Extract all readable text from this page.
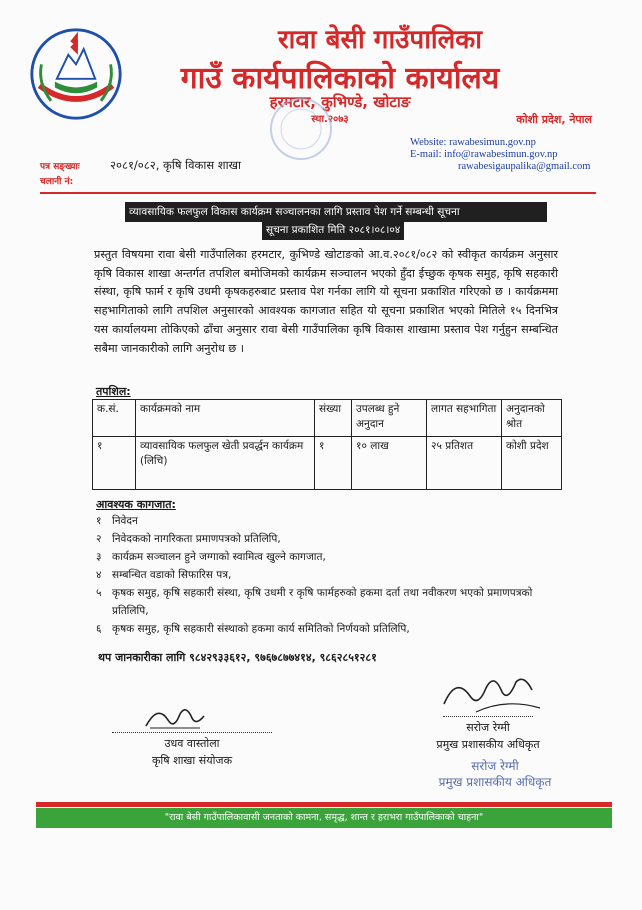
रावा बेसी गाउँपालिका
गाउँ कार्यपालिकाको कार्यालय
हरमटार, कुभिण्डे, खोटाङ
स्था.२०७३	कोशी प्रदेश, नेपाल
Website: rawabesimun.gov.np
E-mail: info@rawabesimun.gov.np
rawabesigaupalika@gmail.com
पत्र सङ्ख्याः	२०८१/०८२, कृषि विकास शाखा
चलानी नं:
व्यावसायिक फलफुल विकास कार्यक्रम सञ्चालनका लागि प्रस्ताव पेश गर्ने सम्बन्धी सूचना
सूचना प्रकाशित मिति २०८१।०८।०४
प्रस्तुत विषयमा रावा बेसी गाउँपालिका हरमटार, कुभिण्डे खोटाङको आ.व.२०८१/०८२ को स्वीकृत कार्यक्रम अनुसार कृषि विकास शाखा अन्तर्गत तपशिल बमोजिमको कार्यक्रम सञ्चालन भएको हुँदा ईच्छुक कृषक समुह, कृषि सहकारी संस्था, कृषि फार्म र कृषि उधमी कृषकहरुबाट प्रस्ताव पेश गर्नका लागि यो सूचना प्रकाशित गरिएको छ । कार्यक्रममा सहभागिताको लागि तपशिल अनुसारको आवश्यक कागजात सहित यो सूचना प्रकाशित भएको मितिले १५ दिनभित्र यस कार्यालयमा तोकिएको ढाँचा अनुसार रावा बेसी गाउँपालिका कृषि विकास शाखामा प्रस्ताव पेश गर्नुहुन सम्बन्धित सबैमा जानकारीको लागि अनुरोध छ ।
तपशिल:
क.सं.	कार्यक्रमको नाम	संख्या	उपलब्ध हुने अनुदान	लागत सहभागिता	अनुदानको श्रोत
१	व्यावसायिक फलफुल खेती प्रवर्द्धन कार्यक्रम (लिचि)	१	१० लाख	२५ प्रतिशत	कोशी प्रदेश
आवश्यक कागजात:
१	निवेदन
२	निवेदकको नागरिकता प्रमाणपत्रको प्रतिलिपि,
३	कार्यक्रम सञ्चालन हुने जग्गाको स्वामित्व खुल्ने कागजात,
४	सम्बन्धित वडाको सिफारिस पत्र,
५	कृषक समुह, कृषि सहकारी संस्था, कृषि उधमी र कृषि फार्महरुको हकमा दर्ता तथा नवीकरण भएको प्रमाणपत्रको प्रतिलिपि,
६	कृषक समुह, कृषि सहकारी संस्थाको हकमा कार्य समितिको निर्णयको प्रतिलिपि,
थप जानकारीका लागि ९८४२९३३६१२, ९७६७८७७४१४, ९८६२८५१२८१
उधव वास्तोला
कृषि शाखा संयोजक
सरोज रेग्मी
प्रमुख प्रशासकीय अधिकृत
सरोज रेग्मी
प्रमुख प्रशासकीय अधिकृत
"रावा बेसी गाउँपालिकावासी जनताको कामना, समृद्ध, शान्त र हराभरा गाउँपालिकाको चाहना"
